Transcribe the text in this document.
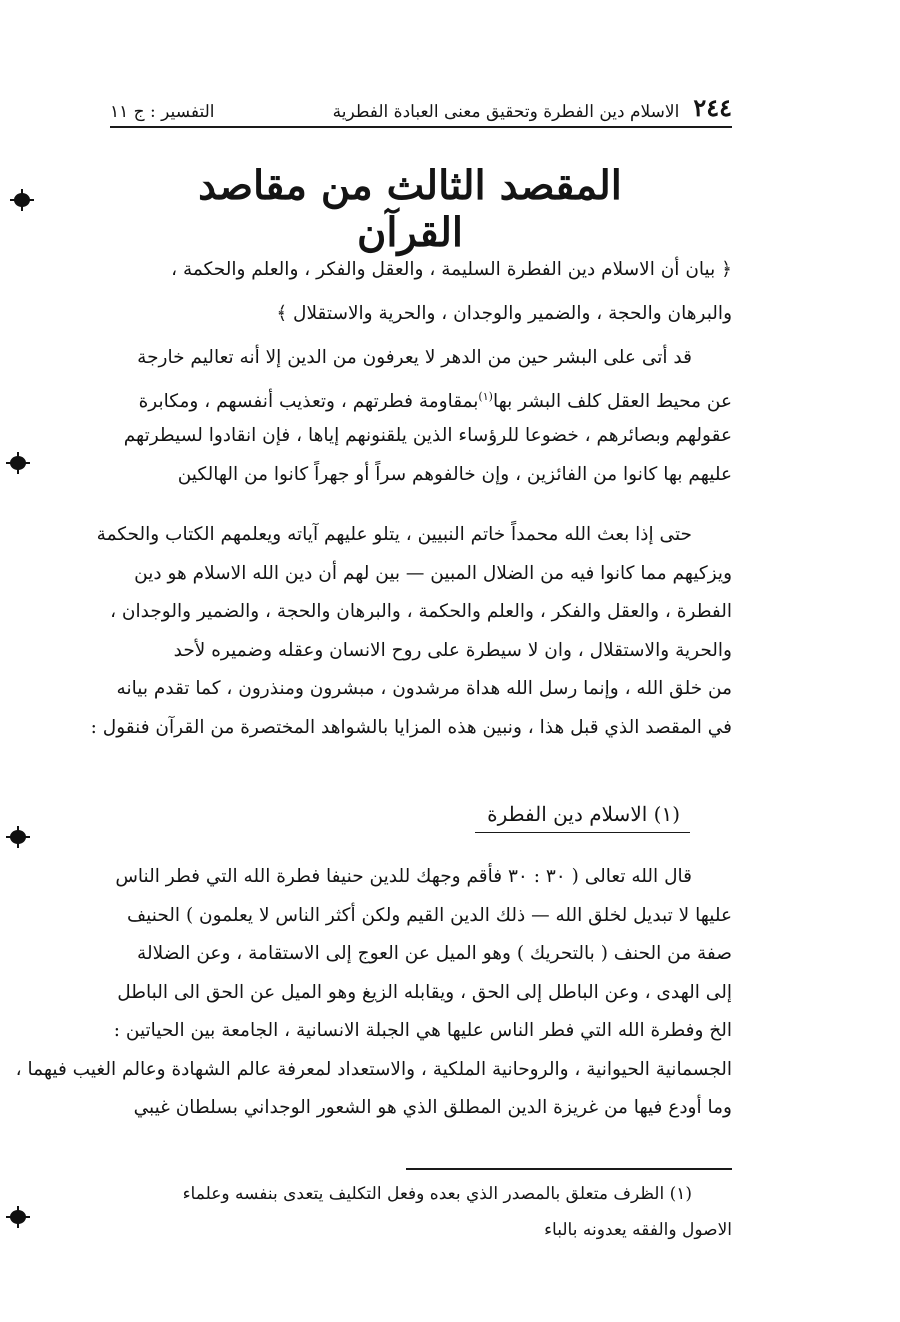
٢٤٤
الاسلام دين الفطرة وتحقيق معنى العبادة الفطرية
التفسير : ج ١١
المقصد الثالث من مقاصد القرآن
﴿ بيان أن الاسلام دين الفطرة السليمة ، والعقل والفكر ، والعلم والحكمة ،
والبرهان والحجة ، والضمير والوجدان ، والحرية والاستقلال ﴾
قد أتى على البشر حين من الدهر لا يعرفون من الدين إلا أنه تعاليم خارجة
عن محيط العقل كلف البشر بها$^{(١)}$بمقاومة فطرتهم ، وتعذيب أنفسهم ، ومكابرة
عقولهم وبصائرهم ، خضوعا للرؤساء الذين يلقنونهم إياها ، فإن انقادوا لسيطرتهم
عليهم بها كانوا من الفائزين ، وإن خالفوهم سراً أو جهراً كانوا من الهالكين
حتى إذا بعث الله محمداً خاتم النبيين ، يتلو عليهم آياته ويعلمهم الكتاب والحكمة
ويزكيهم مما كانوا فيه من الضلال المبين — بين لهم أن دين الله الاسلام هو دين
الفطرة ، والعقل والفكر ، والعلم والحكمة ، والبرهان والحجة ، والضمير والوجدان ،
والحرية والاستقلال ، وان لا سيطرة على روح الانسان وعقله وضميره لأحد
من خلق الله ، وإنما رسل الله هداة مرشدون ، مبشرون ومنذرون ، كما تقدم بيانه
في المقصد الذي قبل هذا ، ونبين هذه المزايا بالشواهد المختصرة من القرآن فنقول :
(١) الاسلام دين الفطرة
قال الله تعالى ( ٣٠ : ٣٠ فأقم وجهك للدين حنيفا فطرة الله التي فطر الناس
عليها لا تبديل لخلق الله — ذلك الدين القيم ولكن أكثر الناس لا يعلمون ) الحنيف
صفة من الحنف ( بالتحريك ) وهو الميل عن العوج إلى الاستقامة ، وعن الضلالة
إلى الهدى ، وعن الباطل إلى الحق ، ويقابله الزيغ وهو الميل عن الحق الى الباطل
الخ وفطرة الله التي فطر الناس عليها هي الجبلة الانسانية ، الجامعة بين الحياتين :
الجسمانية الحيوانية ، والروحانية الملكية ، والاستعداد لمعرفة عالم الشهادة وعالم الغيب فيهما ،
وما أودع فيها من غريزة الدين المطلق الذي هو الشعور الوجداني بسلطان غيبي
(١) الظرف متعلق بالمصدر الذي بعده وفعل التكليف يتعدى بنفسه وعلماء
الاصول والفقه يعدونه بالباء
